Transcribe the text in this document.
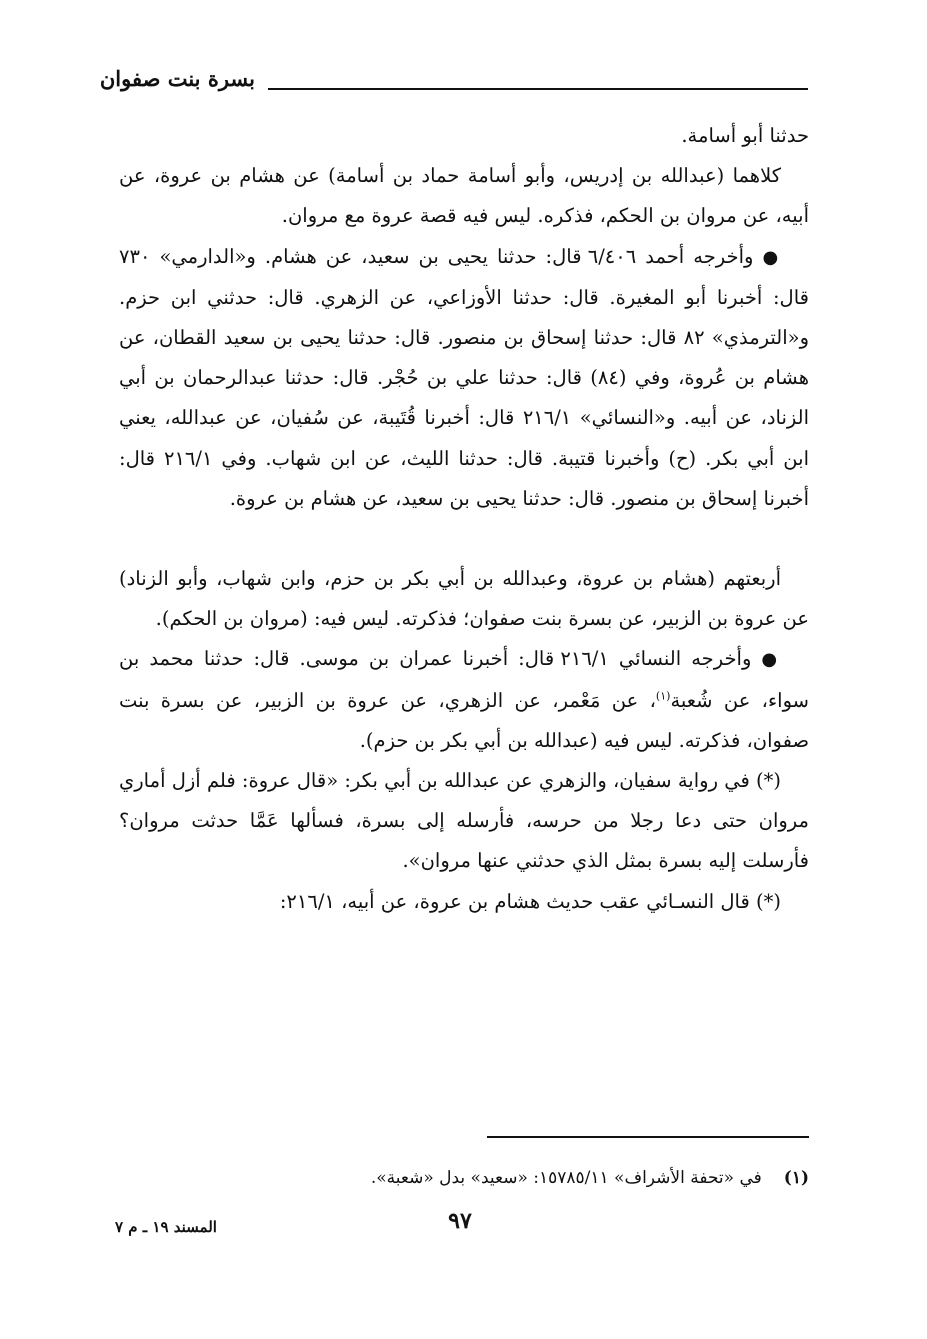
بسرة بنت صفوان

حدثنا أبو أسامة.

كلاهما (عبدالله بن إدريس، وأبو أسامة حماد بن أسامة) عن هشام بن عروة، عن أبيه، عن مروان بن الحكم، فذكره. ليس فيه قصة عروة مع مروان.

● وأخرجه أحمد ٦/٤٠٦ قال: حدثنا يحيى بن سعيد، عن هشام. و«الدارمي» ٧٣٠ قال: أخبرنا أبو المغيرة. قال: حدثنا الأوزاعي، عن الزهري. قال: حدثني ابن حزم. و«الترمذي» ٨٢ قال: حدثنا إسحاق بن منصور. قال: حدثنا يحيى بن سعيد القطان، عن هشام بن عُروة، وفي (٨٤) قال: حدثنا علي بن حُجْر. قال: حدثنا عبدالرحمان بن أبي الزناد، عن أبيه. و«النسائي» ٢١٦/١ قال: أخبرنا قُتَيبة، عن سُفيان، عن عبدالله، يعني ابن أبي بكر. (ح) وأخبرنا قتيبة. قال: حدثنا الليث، عن ابن شهاب. وفي ٢١٦/١ قال: أخبرنا إسحاق بن منصور. قال: حدثنا يحيى بن سعيد، عن هشام بن عروة.

أربعتهم (هشام بن عروة، وعبدالله بن أبي بكر بن حزم، وابن شهاب، وأبو الزناد) عن عروة بن الزبير، عن بسرة بنت صفوان؛ فذكرته. ليس فيه: (مروان بن الحكم).

● وأخرجه النسائي ٢١٦/١ قال: أخبرنا عمران بن موسى. قال: حدثنا محمد بن سواء، عن شُعبة$^{(١)}$، عن مَعْمر، عن الزهري، عن عروة بن الزبير، عن بسرة بنت صفوان، فذكرته. ليس فيه (عبدالله بن أبي بكر بن حزم).

(*) في رواية سفيان، والزهري عن عبدالله بن أبي بكر: «قال عروة: فلم أزل أماري مروان حتى دعا رجلا من حرسه، فأرسله إلى بسرة، فسألها عَمَّا حدثت مروان؟ فأرسلت إليه بسرة بمثل الذي حدثني عنها مروان».

(*) قال النسـائي عقب حديث هشام بن عروة، عن أبيه، ٢١٦/١:

(١)في «تحفة الأشراف» ١٥٧٨٥/١١: «سعيد» بدل «شعبة».
٩٧
المسند ١٩ ـ م ٧
